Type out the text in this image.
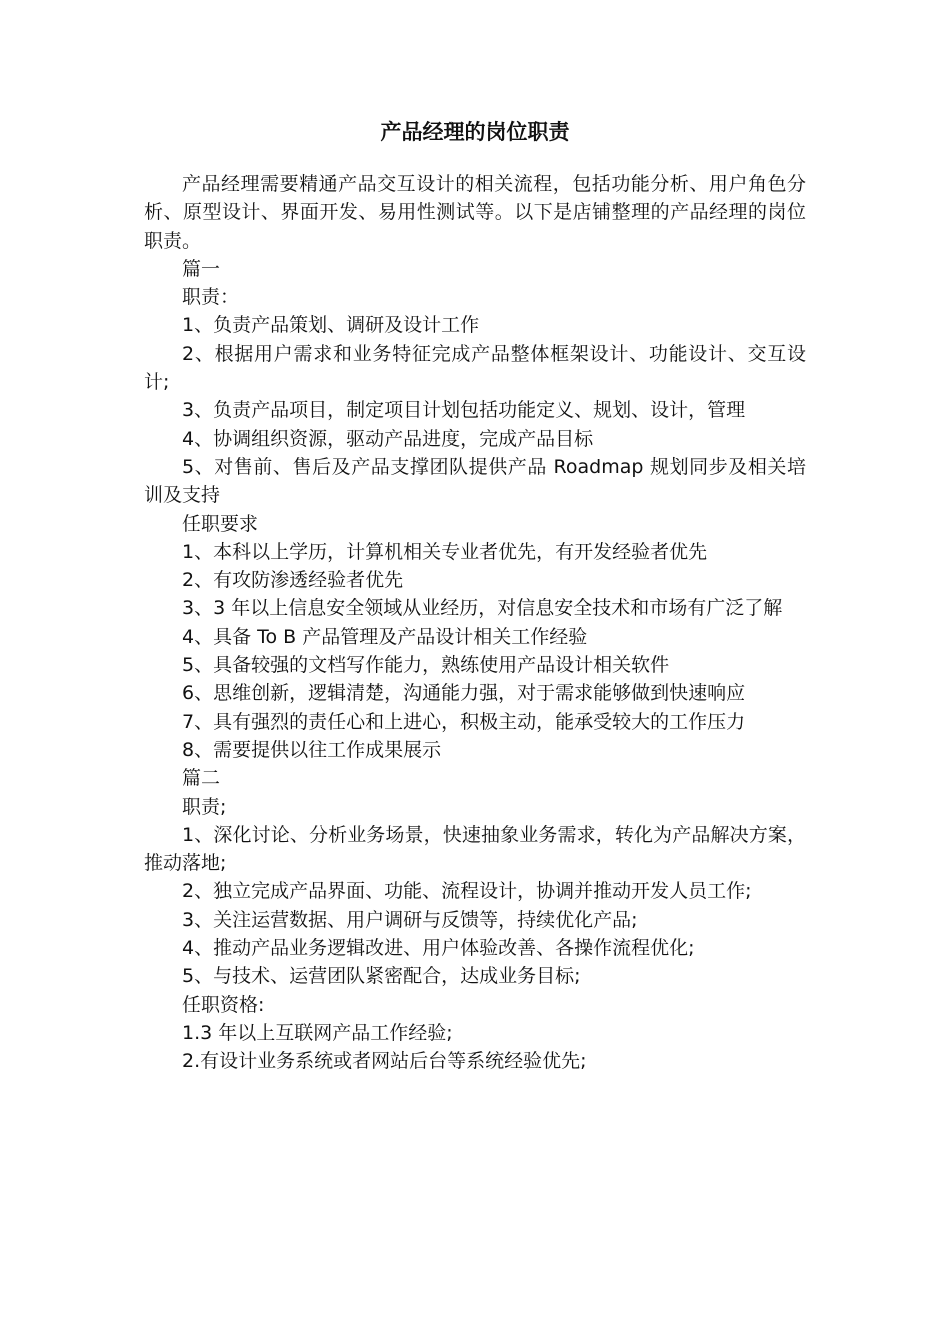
产品经理的岗位职责

产品经理需要精通产品交互设计的相关流程，包括功能分析、用户角色分析、原型设计、界面开发、易用性测试等。以下是店铺整理的产品经理的岗位职责。

篇一

职责：

1、负责产品策划、调研及设计工作

2、根据用户需求和业务特征完成产品整体框架设计、功能设计、交互设计;

3、负责产品项目，制定项目计划包括功能定义、规划、设计，管理

4、协调组织资源，驱动产品进度，完成产品目标

5、对售前、售后及产品支撑团队提供产品 Roadmap 规划同步及相关培训及支持

任职要求

1、本科以上学历，计算机相关专业者优先，有开发经验者优先

2、有攻防渗透经验者优先

3、3 年以上信息安全领域从业经历，对信息安全技术和市场有广泛了解

4、具备 To B 产品管理及产品设计相关工作经验

5、具备较强的文档写作能力，熟练使用产品设计相关软件

6、思维创新，逻辑清楚，沟通能力强，对于需求能够做到快速响应

7、具有强烈的责任心和上进心，积极主动，能承受较大的工作压力

8、需要提供以往工作成果展示

篇二

职责;

1、深化讨论、分析业务场景，快速抽象业务需求，转化为产品解决方案，推动落地;

2、独立完成产品界面、功能、流程设计，协调并推动开发人员工作;

3、关注运营数据、用户调研与反馈等，持续优化产品;

4、推动产品业务逻辑改进、用户体验改善、各操作流程优化;

5、与技术、运营团队紧密配合，达成业务目标;

任职资格:

1.3 年以上互联网产品工作经验;

2.有设计业务系统或者网站后台等系统经验优先;
